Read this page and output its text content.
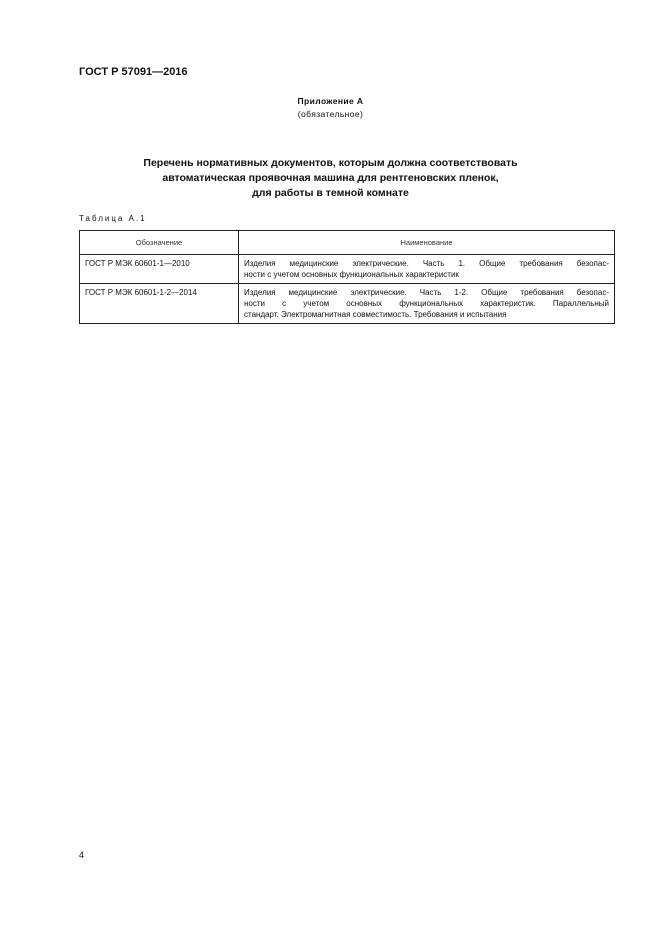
ГОСТ Р 57091—2016
Приложение А
(обязательное)
Перечень нормативных документов, которым должна соответствовать
автоматическая проявочная машина для рентгеновских пленок,
для работы в темной комнате
Таблица А.1
Обозначение	Наименование
ГОСТ Р МЭК 60601-1—2010	Изделия медицинские электрические. Часть 1. Общие требования безопас-
ности с учетом основных функциональных характеристик

ГОСТ Р МЭК 60601-1-2—2014	Изделия медицинские электрические. Часть 1-2. Общие требования безопас-
ности с учетом основных функциональных характеристик. Параллельный
стандарт. Электромагнитная совместимость. Требования и испытания
4
